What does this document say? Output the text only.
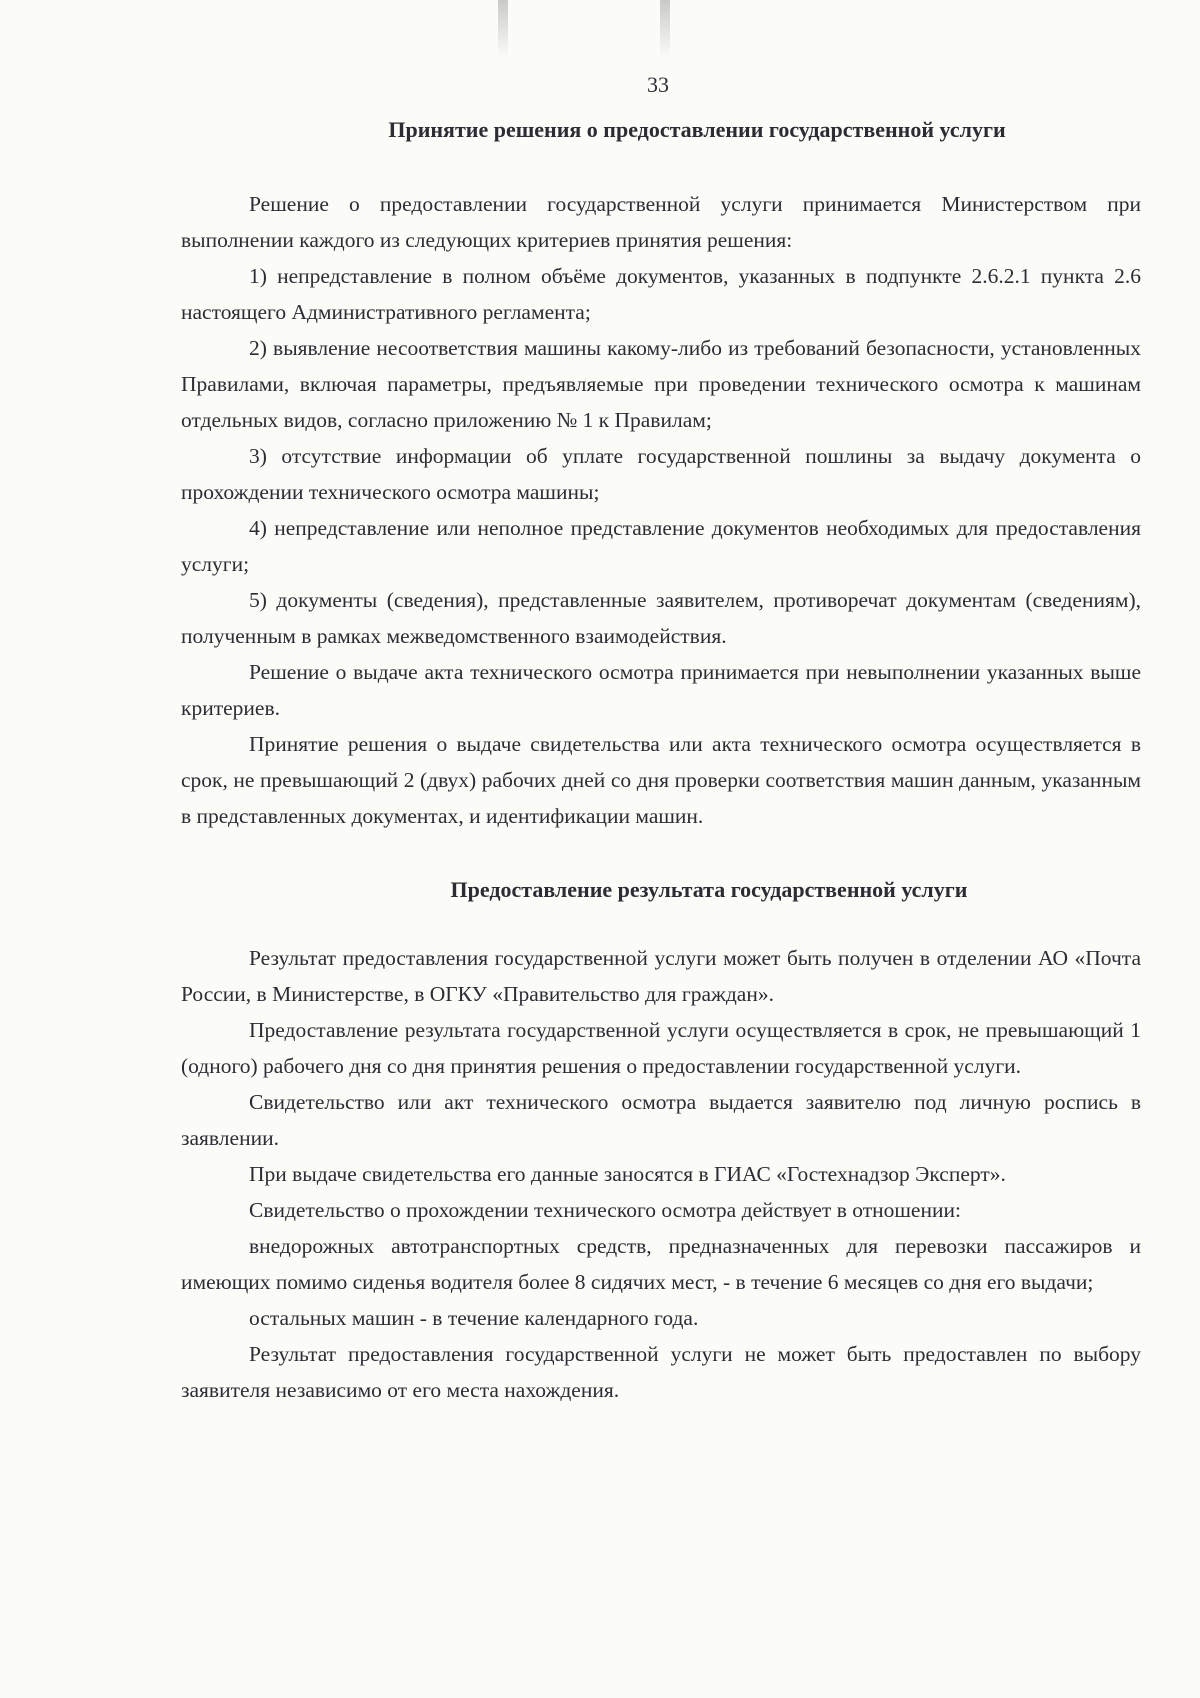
33
Принятие решения о предоставлении государственной услуги

Решение о предоставлении государственной услуги принимается Министерством при выполнении каждого из следующих критериев принятия решения:

1) непредставление в полном объёме документов, указанных в подпункте 2.6.2.1 пункта 2.6 настоящего Административного регламента;

2) выявление несоответствия машины какому-либо из требований безопасности, установленных Правилами, включая параметры, предъявляемые при проведении технического осмотра к машинам отдельных видов, согласно приложению № 1 к Правилам;

3) отсутствие информации об уплате государственной пошлины за выдачу документа о прохождении технического осмотра машины;

4) непредставление или неполное представление документов необходимых для предоставления услуги;

5) документы (сведения), представленные заявителем, противоречат документам (сведениям), полученным в рамках межведомственного взаимодействия.

Решение о выдаче акта технического осмотра принимается при невыполнении указанных выше критериев.

Принятие решения о выдаче свидетельства или акта технического осмотра осуществляется в срок, не превышающий 2 (двух) рабочих дней со дня проверки соответствия машин данным, указанным в представленных документах, и идентификации машин.

Предоставление результата государственной услуги

Результат предоставления государственной услуги может быть получен в отделении АО «Почта России, в Министерстве, в ОГКУ «Правительство для граждан».

Предоставление результата государственной услуги осуществляется в срок, не превышающий 1 (одного) рабочего дня со дня принятия решения о предоставлении государственной услуги.

Свидетельство или акт технического осмотра выдается заявителю под личную роспись в заявлении.

При выдаче свидетельства его данные заносятся в ГИАС «Гостехнадзор Эксперт».

Свидетельство о прохождении технического осмотра действует в отношении:

внедорожных автотранспортных средств, предназначенных для перевозки пассажиров и имеющих помимо сиденья водителя более 8 сидячих мест, - в течение 6 месяцев со дня его выдачи;

остальных машин - в течение календарного года.

Результат предоставления государственной услуги не может быть предоставлен по выбору заявителя независимо от его места нахождения.
